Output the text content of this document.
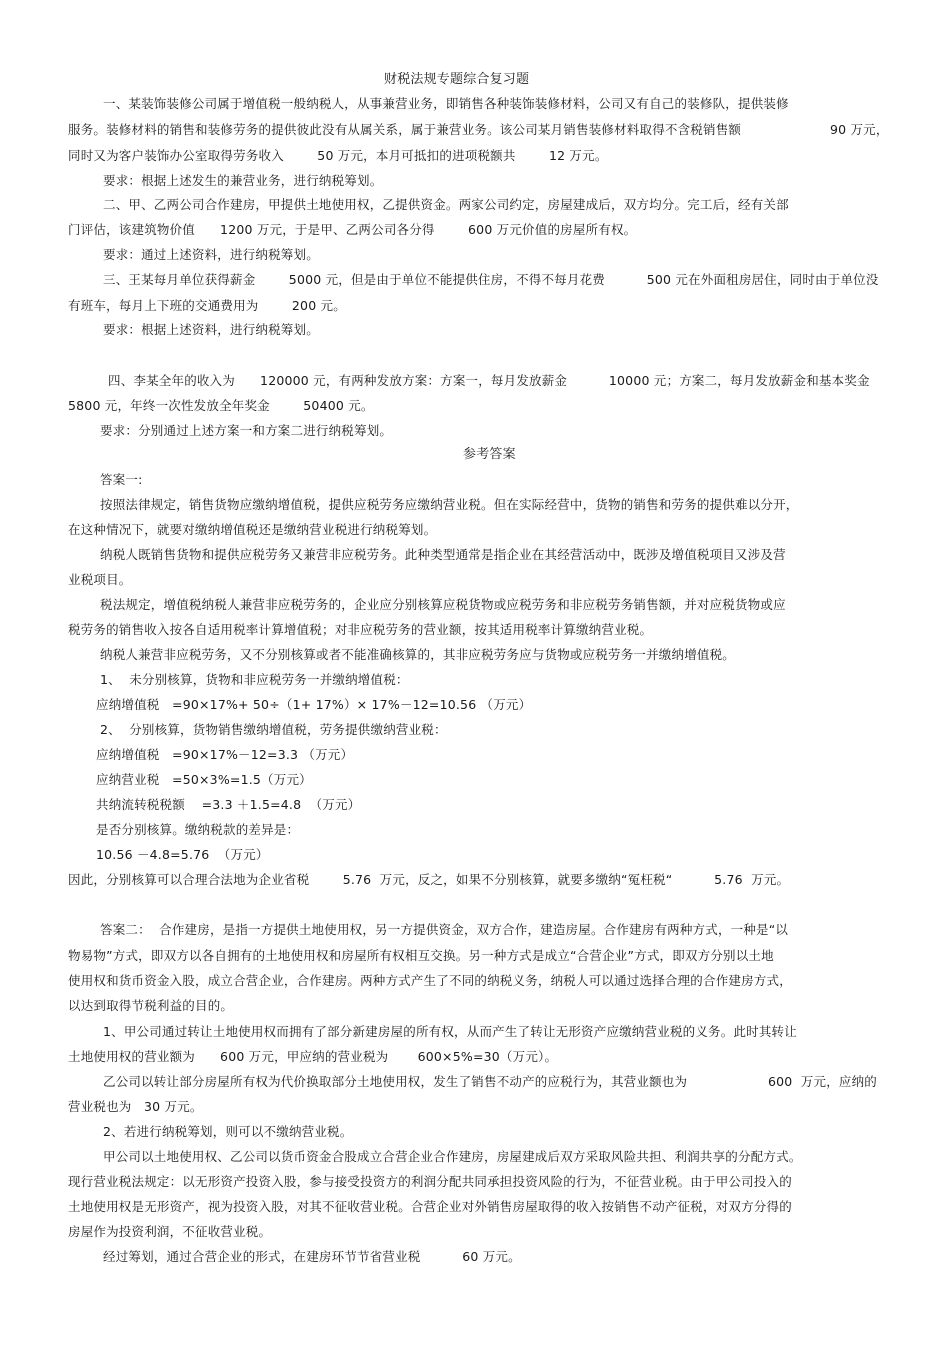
财税法规专题综合复习题
一、某装饰装修公司属于增值税一般纳税人，从事兼营业务，即销售各种装饰装修材料，公司又有自己的装修队，提供装修
服务。装修材料的销售和装修劳务的提供彼此没有从属关系，属于兼营业务。该公司某月销售装修材料取得不含税销售额	90 万元，
同时又为客户装饰办公室取得劳务收入        50 万元，本月可抵扣的进项税额共        12 万元。
要求：根据上述发生的兼营业务，进行纳税筹划。
二、甲、乙两公司合作建房，甲提供土地使用权，乙提供资金。两家公司约定，房屋建成后，双方均分。完工后，经有关部
门评估，该建筑物价值      1200 万元，于是甲、乙两公司各分得        600 万元价值的房屋所有权。
要求：通过上述资料，进行纳税筹划。
三、王某每月单位获得薪金        5000 元，但是由于单位不能提供住房，不得不每月花费          500 元在外面租房居住，同时由于单位没
有班车，每月上下班的交通费用为        200 元。
要求：根据上述资料，进行纳税筹划。
四、李某全年的收入为      120000 元，有两种发放方案：方案一，每月发放薪金          10000 元；方案二，每月发放薪金和基本奖金
5800 元，年终一次性发放全年奖金        50400 元。
要求：分别通过上述方案一和方案二进行纳税筹划。
参考答案
答案一:
按照法律规定，销售货物应缴纳增值税，提供应税劳务应缴纳营业税。但在实际经营中，货物的销售和劳务的提供难以分开，
在这种情况下，就要对缴纳增值税还是缴纳营业税进行纳税筹划。
纳税人既销售货物和提供应税劳务又兼营非应税劳务。此种类型通常是指企业在其经营活动中，既涉及增值税项目又涉及营
业税项目。
税法规定，增值税纳税人兼营非应税劳务的，企业应分别核算应税货物或应税劳务和非应税劳务销售额，并对应税货物或应
税劳务的销售收入按各自适用税率计算增值税；对非应税劳务的营业额，按其适用税率计算缴纳营业税。
纳税人兼营非应税劳务，又不分别核算或者不能准确核算的，其非应税劳务应与货物或应税劳务一并缴纳增值税。
1、  未分别核算，货物和非应税劳务一并缴纳增值税：
应纳增值税   =90×17%+ 50÷（1+ 17%）× 17%－12=10.56 （万元）
2、  分别核算，货物销售缴纳增值税，劳务提供缴纳营业税：
应纳增值税   =90×17%－12=3.3 （万元）
应纳营业税   =50×3%=1.5（万元）
共纳流转税税额    =3.3 ＋1.5=4.8  （万元）
是否分别核算。缴纳税款的差异是：
10.56 －4.8=5.76  （万元）
因此，分别核算可以合理合法地为企业省税        5.76  万元，反之，如果不分别核算，就要多缴纳“冤枉税“          5.76  万元。
答案二：  合作建房，是指一方提供土地使用权，另一方提供资金，双方合作，建造房屋。合作建房有两种方式，一种是“以
物易物”方式，即双方以各自拥有的土地使用权和房屋所有权相互交换。另一种方式是成立“合营企业”方式，即双方分别以土地
使用权和货币资金入股，成立合营企业，合作建房。两种方式产生了不同的纳税义务，纳税人可以通过选择合理的合作建房方式，
以达到取得节税利益的目的。
1、甲公司通过转让土地使用权而拥有了部分新建房屋的所有权，从而产生了转让无形资产应缴纳营业税的义务。此时其转让
土地使用权的营业额为      600 万元，甲应纳的营业税为       600×5%=30（万元）。
乙公司以转让部分房屋所有权为代价换取部分土地使用权，发生了销售不动产的应税行为，其营业额也为	600  万元，应纳的
营业税也为   30 万元。
2、若进行纳税筹划，则可以不缴纳营业税。
甲公司以土地使用权、乙公司以货币资金合股成立合营企业合作建房，房屋建成后双方采取风险共担、利润共享的分配方式。
现行营业税法规定：以无形资产投资入股，参与接受投资方的利润分配共同承担投资风险的行为，不征营业税。由于甲公司投入的
土地使用权是无形资产，视为投资入股，对其不征收营业税。合营企业对外销售房屋取得的收入按销售不动产征税，对双方分得的
房屋作为投资利润，不征收营业税。
经过筹划，通过合营企业的形式，在建房环节节省营业税          60 万元。
